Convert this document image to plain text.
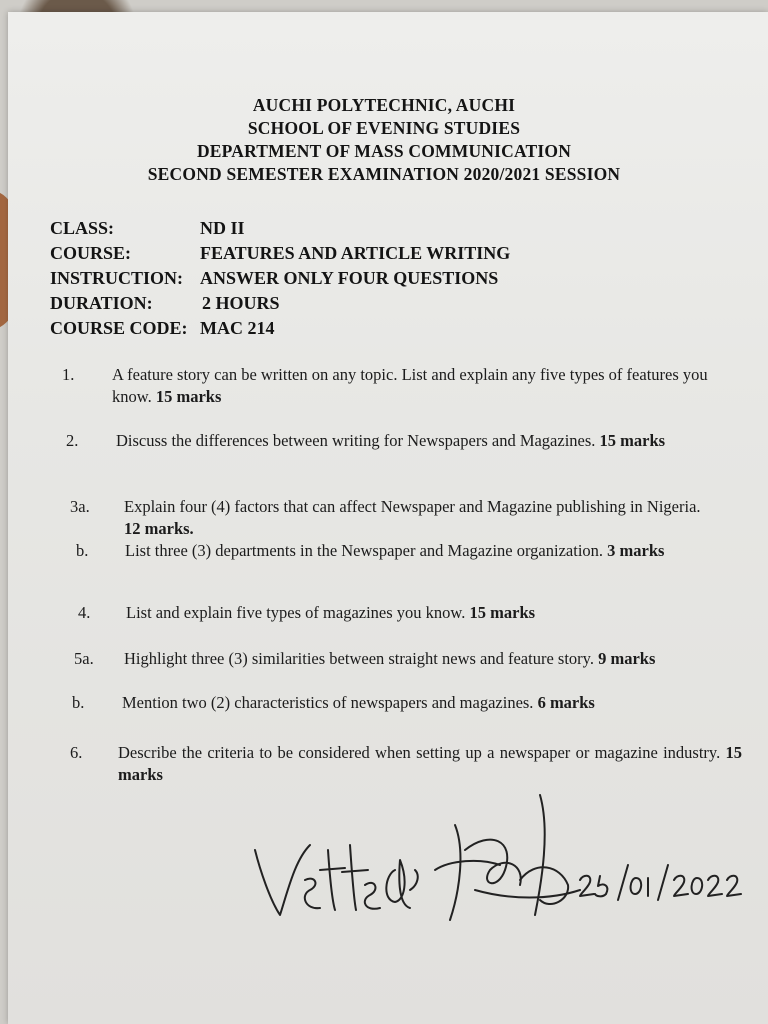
AUCHI POLYTECHNIC, AUCHI
SCHOOL OF EVENING STUDIES
DEPARTMENT OF MASS COMMUNICATION
SECOND SEMESTER EXAMINATION 2020/2021 SESSION
CLASS:	ND II
COURSE:	FEATURES AND ARTICLE WRITING
INSTRUCTION: ANSWER ONLY FOUR QUESTIONS
DURATION:	2 HOURS
COURSE CODE: MAC 214
1. A feature story can be written on any topic. List and explain any five types of features you know. 15 marks
2. Discuss the differences between writing for Newspapers and Magazines. 15 marks
3a. Explain four (4) factors that can affect Newspaper and Magazine publishing in Nigeria. 12 marks.
b. List three (3) departments in the Newspaper and Magazine organization. 3 marks
4. List and explain five types of magazines you know. 15 marks
5a. Highlight three (3) similarities between straight news and feature story. 9 marks
b. Mention two (2) characteristics of newspapers and magazines. 6 marks
6. Describe the criteria to be considered when setting up a newspaper or magazine industry. 15 marks
